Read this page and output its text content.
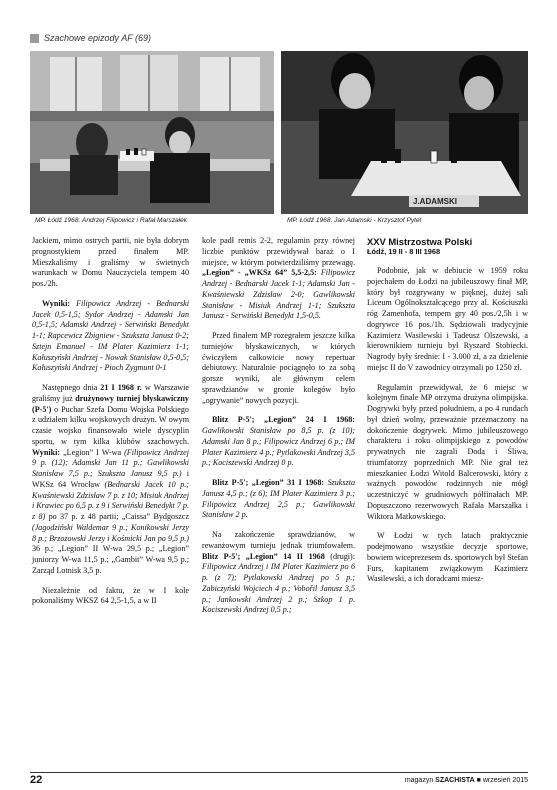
Szachowe epizody AF (69)
J.ADAMSKI
MP. Łódź 1968. Andrzej Filipowicz i Rafał Marszałek	MP. Łódź 1968. Jan Adamski - Krzysztof Pytel

Jackiem, mimo ostrych partii, nie była dobrym prognostykiem przed finałem MP. Mieszkaliśmy i graliśmy w świetnych warunkach w Domu Nauczyciela tempem 40 pos./2h.

Wyniki: Filipowicz Andrzej - Bednarski Jacek 0,5-1,5; Sydor Andrzej - Adamski Jan 0,5-1,5; Adamski Andrzej - Serwiński Benedykt 1-1; Rapcewicz Zbigniew - Szukszta Janusz 0-2; Sztejn Emanuel - IM Plater Kazimierz 1-1; Kałuszyński Andrzej - Nowak Stanisław 0,5-0,5; Kałuszyński Andrzej - Pioch Zygmunt 0-1

Następnego dnia 21 I 1968 r. w Warszawie graliśmy już drużynowy turniej błyskawiczny (P-5') o Puchar Szefa Domu Wojska Polskiego z udziałem kilku wojskowych drużyn. W owym czasie wojsko finansowało wiele dyscyplin sportu, w tym kilka klubów szachowych. Wyniki: „Legion” I W-wa (Filipowicz Andrzej 9 p. (12); Adamski Jan 11 p.; Gawlikowski Stanisław 7,5 p.; Szukszta Janusz 9,5 p.) i WKSz 64 Wrocław (Bednarski Jacek 10 p.; Kwaśniewski Zdzisław 7 p. z 10; Misiuk Andrzej i Krawiec po 6,5 p. z 9 i Serwiński Benedykt 7 p. z 8) po 37 p. z 48 partii; „Caissa” Bydgoszcz (Jagodziński Waldemar 9 p.; Konikowski Jerzy 8 p.; Brzozowski Jerzy i Kośmicki Jan po 9,5 p.) 36 p.; „Legion” II W-wa 29,5 p.; „Legion” juniorzy W-wa 11,5 p.; „Gambit” W-wa 9,5 p.; Zarząd Lotnisk 3,5 p.

Niezależnie od faktu, że w I kole pokonaliśmy WKSZ 64 2,5-1,5, a w II

kole padł remis 2-2, regulamin przy równej liczbie punktów przewidywał baraż o I miejsce, w którym potwierdziliśmy przewagę. „Legion” - „WKSz 64” 5,5-2,5: Filipowicz Andrzej - Bednarski Jacek 1-1; Adamski Jan - Kwaśniewski Zdzisław 2-0; Gawlikowski Stanisław - Misiuk Andrzej 1-1; Szukszta Janusz - Serwiński Benedykt 1,5-0,5.

Przed finałem MP rozegrałem jeszcze kilka turniejów błyskawicznych, w których ćwiczyłem całkowicie nowy repertuar debiutowy. Naturalnie pociągnęło to za sobą gorsze wyniki, ale głównym celem sprawdzianów w gronie kolegów było „ogrywanie” nowych pozycji.

Blitz P-5'; „Legion” 24 I 1968: Gawlikowski Stanisław po 8,5 p. (z 10); Adamski Jan 8 p.; Filipowicz Andrzej 6 p.; IM Plater Kazimierz 4 p.; Pytlakowski Andrzej 3,5 p.; Kociszewski Andrzej 0 p.

Blitz P-5'; „Legion” 31 I 1968: Szukszta Janusz 4,5 p.; (z 6); IM Plater Kazimierz 3 p.; Filipowicz Andrzej 2,5 p.; Gawlikowski Stanisław 2 p.

Na zakończenie sprawdzianów, w rewanżowym turnieju jednak triumfowałem. Blitz P-5'; „Legion” 14 II 1968 (drugi): Filipowicz Andrzej i IM Plater Kazimierz po 6 p. (z 7); Pytlakowski Andrzej po 5 p.; Zabiczyński Wojciech 4 p.; Vobořil Janusz 3,5 p.; Jankowski Andrzej 2 p.; Szkop 1 p. Kociszewski Andrzej 0,5 p.;

XXV Mistrzostwa Polski

Łódź, 19 II - 8 III 1968

Podobnie, jak w debiucie w 1959 roku pojechałem do Łodzi na jubileuszowy finał MP, który był rozgrywany w pięknej, dużej sali Liceum Ogólnokształcącego przy al. Kościuszki róg Zamenhofa, tempem gry 40 pos./2,5h i w dogrywce 16 pos./1h. Sędziowali tradycyjnie Kazimierz Wasilewski i Tadeusz Olszewski, a kierownikiem turnieju był Ryszard Stobiecki. Nagrody były średnie: I - 3.000 zł, a za dzielenie miejsc II do V zawodnicy otrzymali po 1250 zł.

Regulamin przewidywał, że 6 miejsc w kolejnym finale MP otrzyma drużyna olimpijska. Dogrywki były przed południem, a po 4 rundach był dzień wolny, przeważnie przeznaczony na dokończenie dogrywek. Mimo jubileuszowego charakteru i roku olimpijskiego z powodów prywatnych nie zagrali Doda i Śliwa, triumfatorzy poprzednich MP. Nie grał też mieszkaniec Łodzi Witold Balcerowski, który z ważnych powodów rodzinnych nie mógł uczestniczyć w grudniowych półfinałach MP. Dopuszczono rezerwowych Rafała Marszałka i Wiktora Matkowskiego.

W Łodzi w tych latach praktycznie podejmowano wszystkie decyzje sportowe, bowiem wiceprezesem ds. sportowych był Stefan Furs, kapitanem związkowym Kazimierz Wasilewski, a ich doradcami miesz-

22	magazyn SZACHISTA ■ wrzesień 2015
